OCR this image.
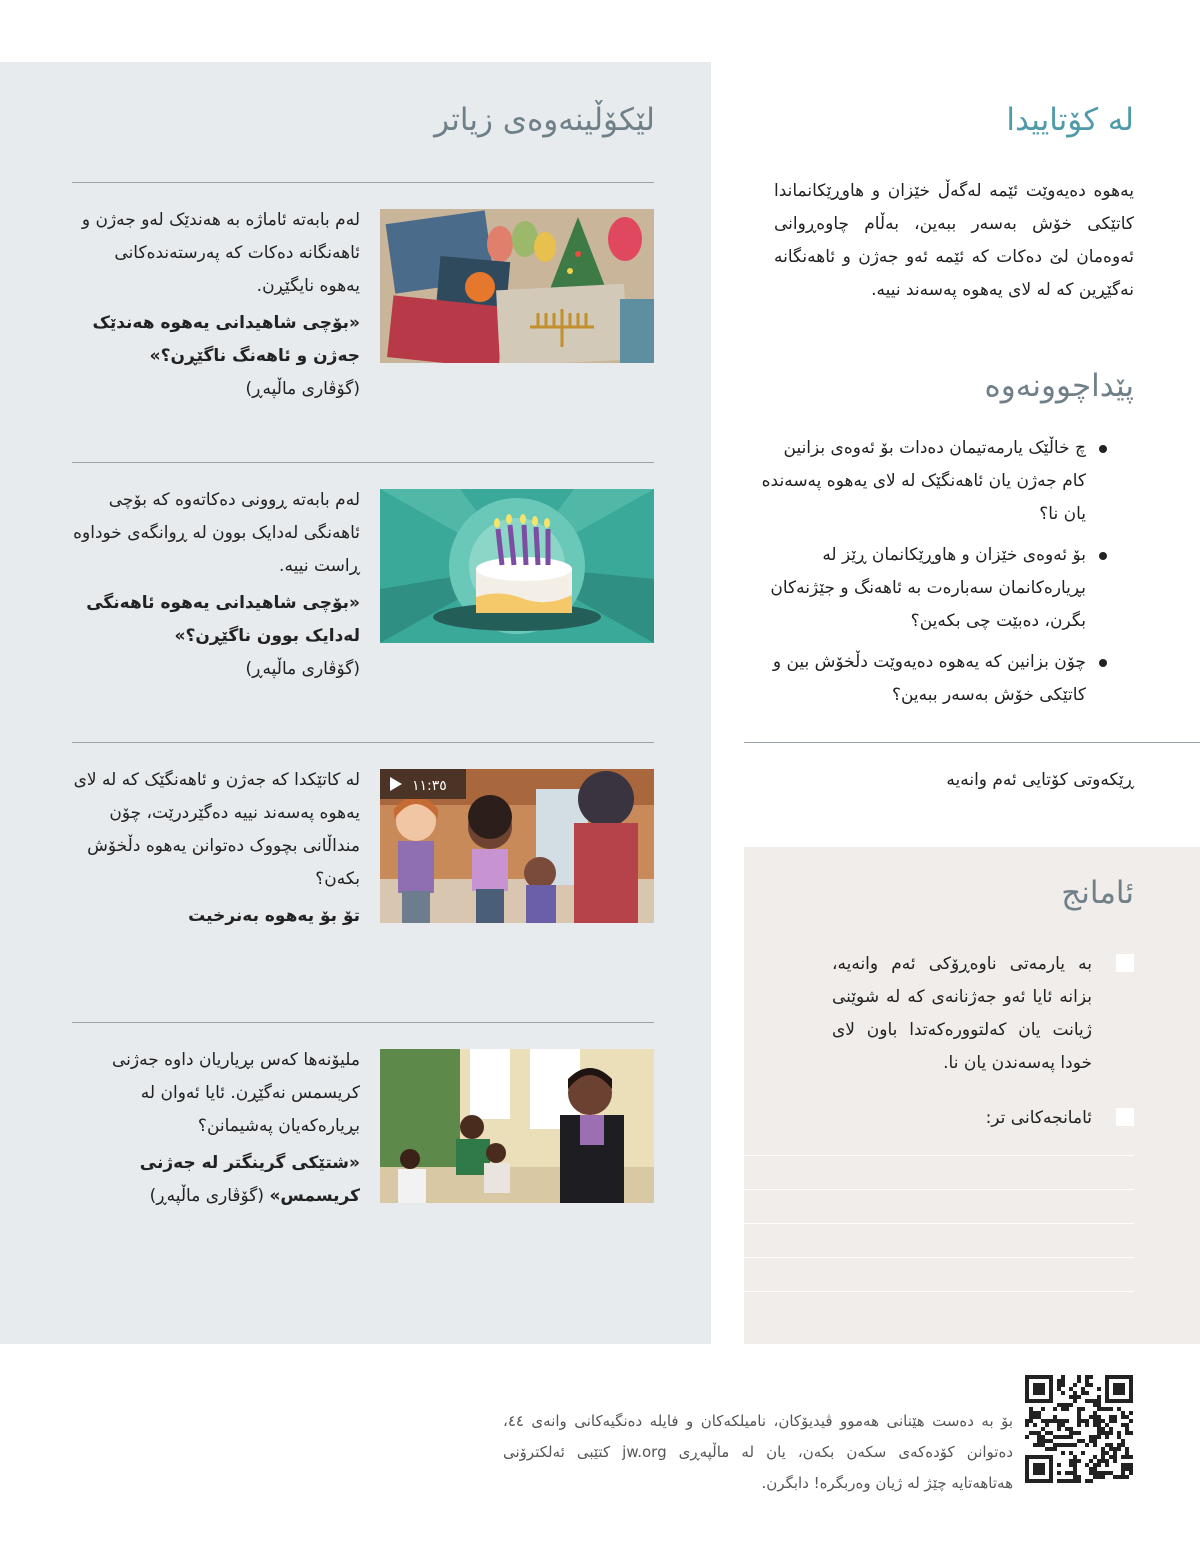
لێکۆڵینەوەی زیاتر

لەم بابەتە ئاماژە بە هەندێک لەو جەژن و ئاهەنگانە دەکات کە پەرستەندەکانی یەهوە نایگێڕن.

«بۆچی شاهیدانی یەهوە هەندێک جەژن و ئاهەنگ ناگێڕن؟»

(گۆڤاری ماڵپەڕ)

لەم بابەتە ڕوونی دەکاتەوە کە بۆچی ئاهەنگی لەدایک بوون لە ڕوانگەی خوداوە ڕاست نییە.

«بۆچی شاهیدانی یەهوە ئاهەنگی لەدایک بوون ناگێڕن؟»

(گۆڤاری ماڵپەڕ)

لە کاتێکدا کە جەژن و ئاهەنگێک کە لە لای یەهوە پەسەند نییە دەگێردرێت، چۆن منداڵانی بچووک دەتوانن یەهوە دڵخۆش بکەن؟

تۆ بۆ یەهوە بەنرخیت

١١:٣٥

ملیۆنەها کەس بڕیاریان داوە جەژنی کریسمس نەگێڕن. ئایا ئەوان لە بڕیارەکەیان پەشیمانن؟

«شتێکی گرینگتر لە جەژنی کریسمس» (گۆڤاری ماڵپەڕ)

لە کۆتاییدا

یەهوە دەیەوێت ئێمە لەگەڵ خێزان و هاوڕێکانماندا کاتێکی خۆش بەسەر ببەین، بەڵام چاوەڕوانی ئەوەمان لێ دەکات کە ئێمە ئەو جەژن و ئاهەنگانە نەگێڕین کە لە لای یەهوە پەسەند نییە.

پێداچوونەوە
چ خاڵێک یارمەتیمان دەدات بۆ ئەوەی بزانین کام جەژن یان ئاهەنگێک لە لای یەهوە پەسەندە یان نا؟
بۆ ئەوەی خێزان و هاوڕێکانمان ڕێز لە بڕیارەکانمان سەبارەت بە ئاهەنگ و جێژنەکان بگرن، دەبێت چی بکەین؟
چۆن بزانین کە یەهوە دەیەوێت دڵخۆش بین و کاتێکی خۆش بەسەر ببەین؟
ڕێکەوتی کۆتایی ئەم وانەیە
ئامانج

بە یارمەتی ناوەڕۆکی ئەم وانەیە، بزانە ئایا ئەو جەژنانەی کە لە شوێنی ژیانت یان کەلتوورەکەتدا باون لای خودا پەسەندن یان نا.

ئامانجەکانی تر:

بۆ بە دەست هێنانی هەموو ڤیدیۆکان، نامیلکەکان و فایلە دەنگیەکانی وانەی ٤٤، دەتوانن کۆدەکەی سکەن بکەن، یان لە ماڵپەڕی jw.org کتێبی ئەلکترۆنی هەتاهەتایە چێژ لە ژیان وەربگرە! دابگرن.
